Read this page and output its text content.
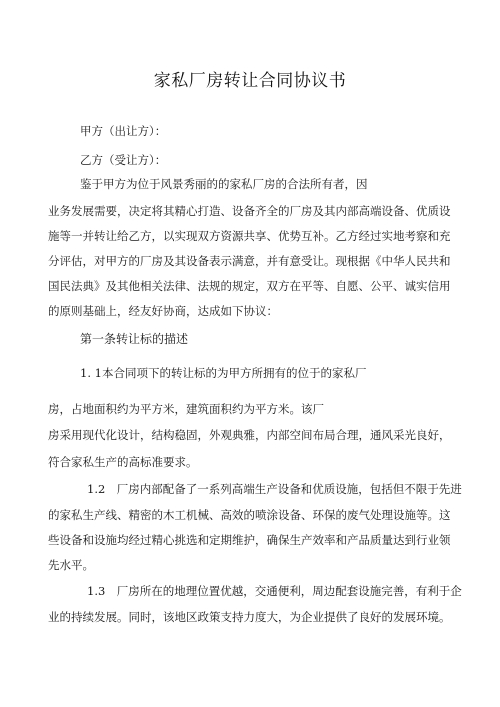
家私厂房转让合同协议书
甲方（出让方）：
乙方（受让方）：
鉴于甲方为位于风景秀丽的的家私厂房的合法所有者，因
业务发展需要，决定将其精心打造、设备齐全的厂房及其内部高端设备、优质设
施等一并转让给乙方，以实现双方资源共享、优势互补。乙方经过实地考察和充
分评估，对甲方的厂房及其设备表示满意，并有意受让。现根据《中华人民共和
国民法典》及其他相关法律、法规的规定，双方在平等、自愿、公平、诚实信用
的原则基础上，经友好协商，达成如下协议：
第一条转让标的描述
1. 1本合同项下的转让标的为甲方所拥有的位于的家私厂
房，占地面积约为平方米，建筑面积约为平方米。该厂
房采用现代化设计，结构稳固，外观典雅，内部空间布局合理，通风采光良好，
符合家私生产的高标准要求。
1.2　厂房内部配备了一系列高端生产设备和优质设施，包括但不限于先进
的家私生产线、精密的木工机械、高效的喷涂设备、环保的废气处理设施等。这
些设备和设施均经过精心挑选和定期维护，确保生产效率和产品质量达到行业领
先水平。
1.3　厂房所在的地理位置优越，交通便利，周边配套设施完善，有利于企
业的持续发展。同时，该地区政策支持力度大，为企业提供了良好的发展环境。
